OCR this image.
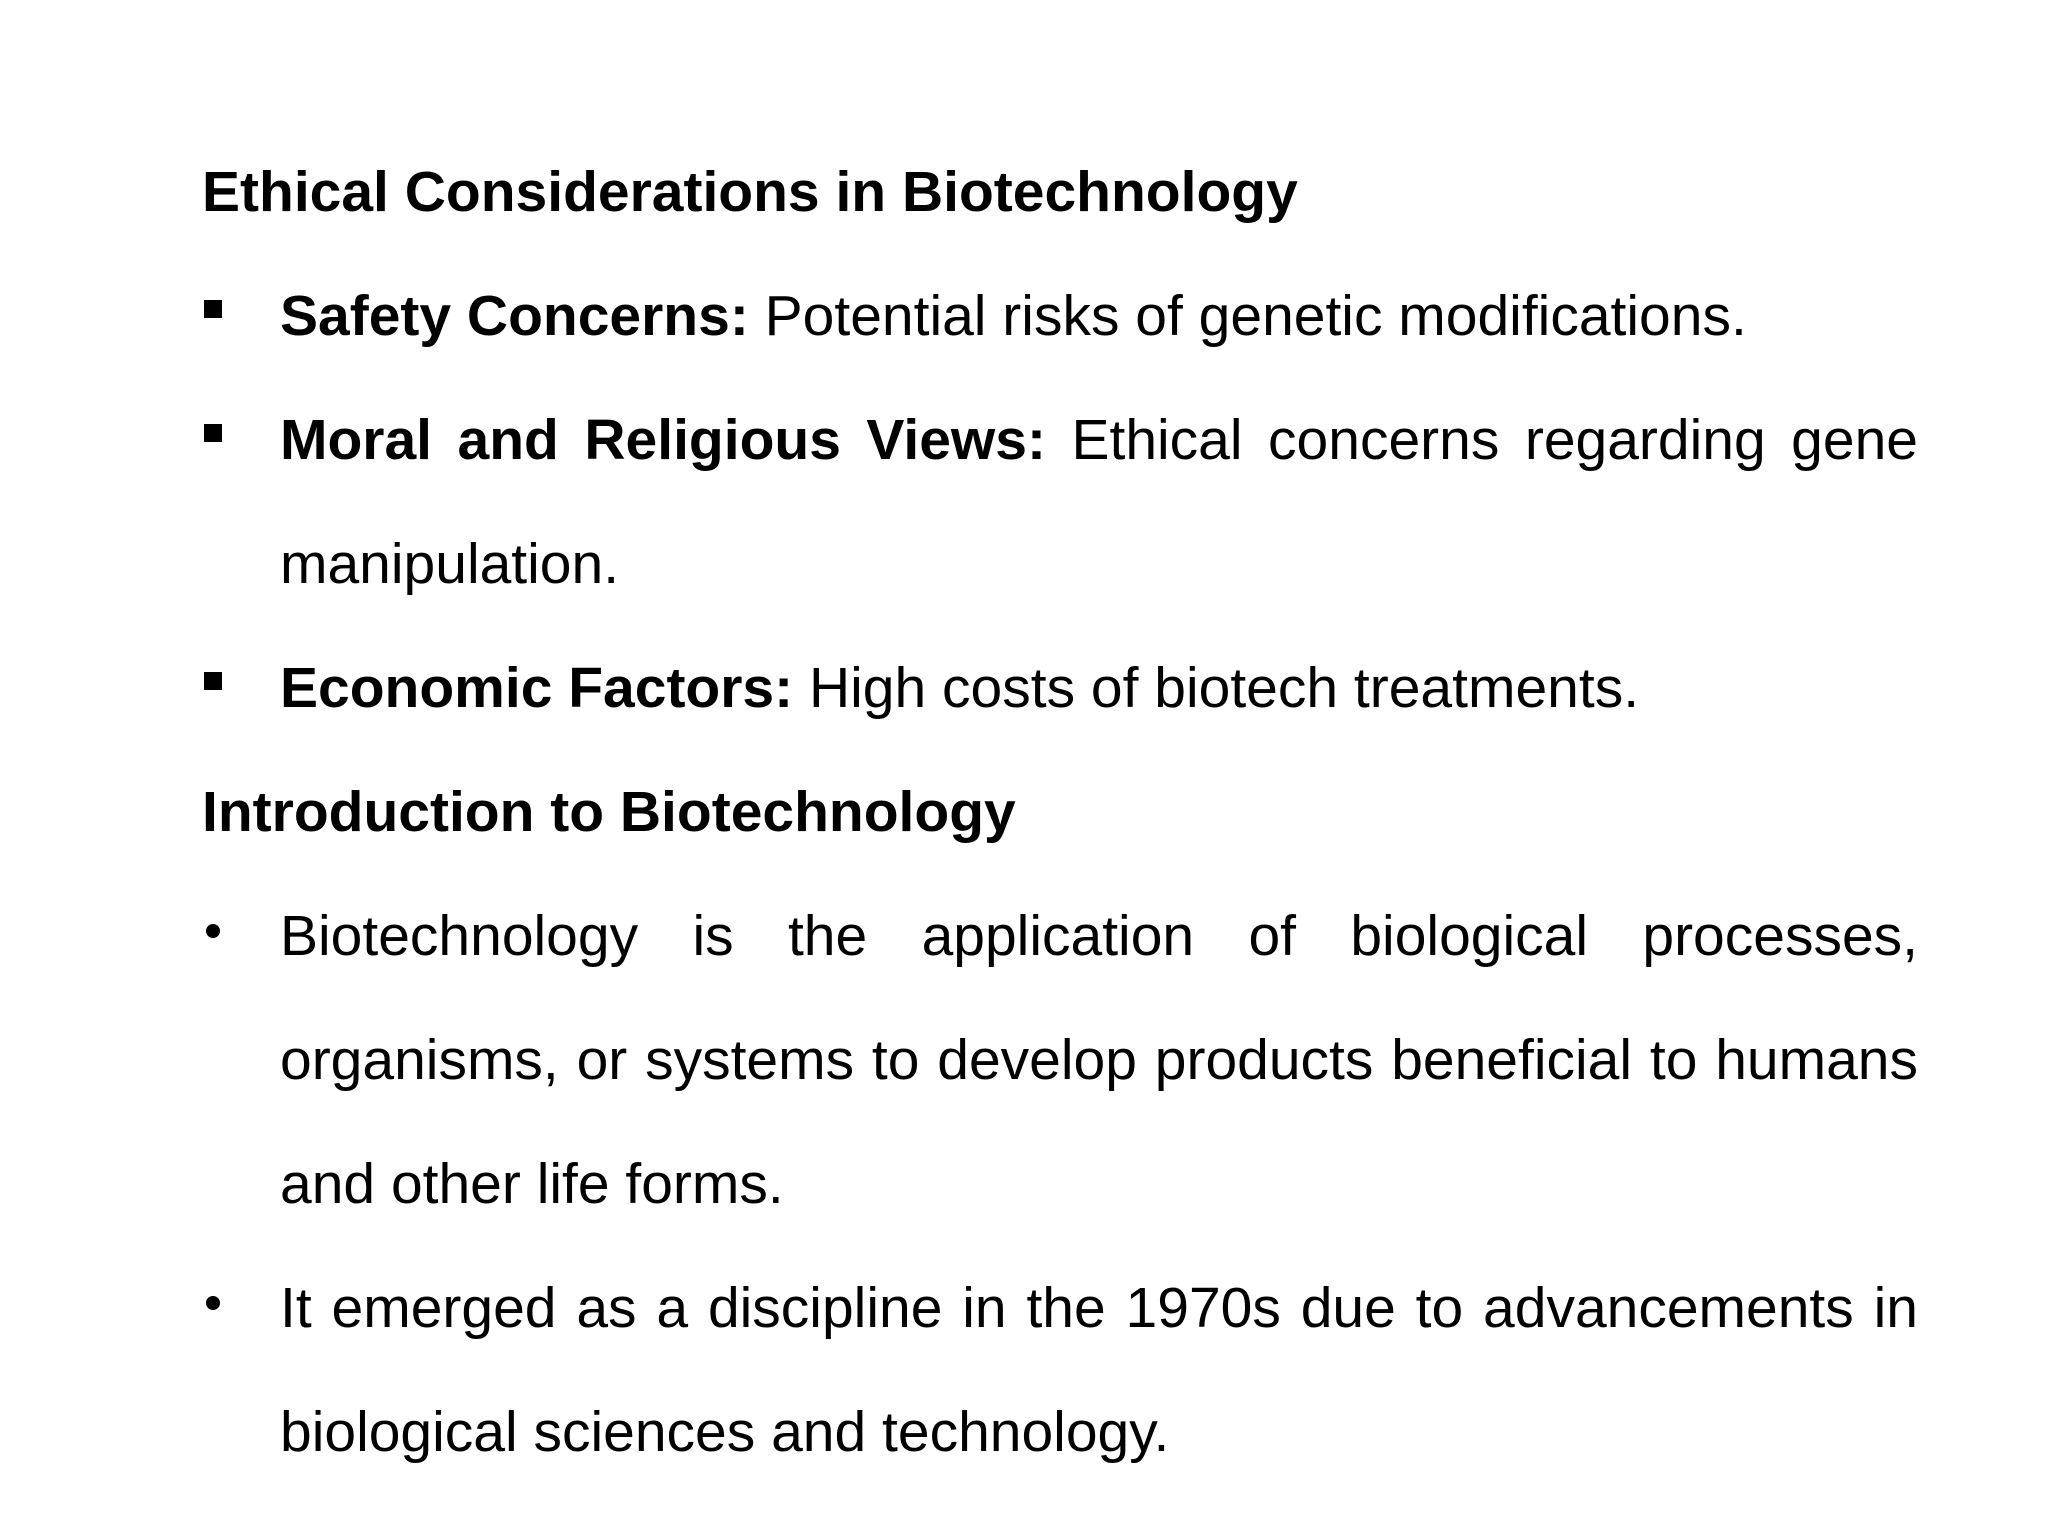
Ethical Considerations in Biotechnology

Safety Concerns: Potential risks of genetic modifications.

Moral and Religious Views: Ethical concerns regarding gene manipulation.

Economic Factors: High costs of biotech treatments.

Introduction to Biotechnology

Biotechnology is the application of biological processes, organisms, or systems to develop products beneficial to humans and other life forms.

It emerged as a discipline in the 1970s due to advancements in biological sciences and technology.
